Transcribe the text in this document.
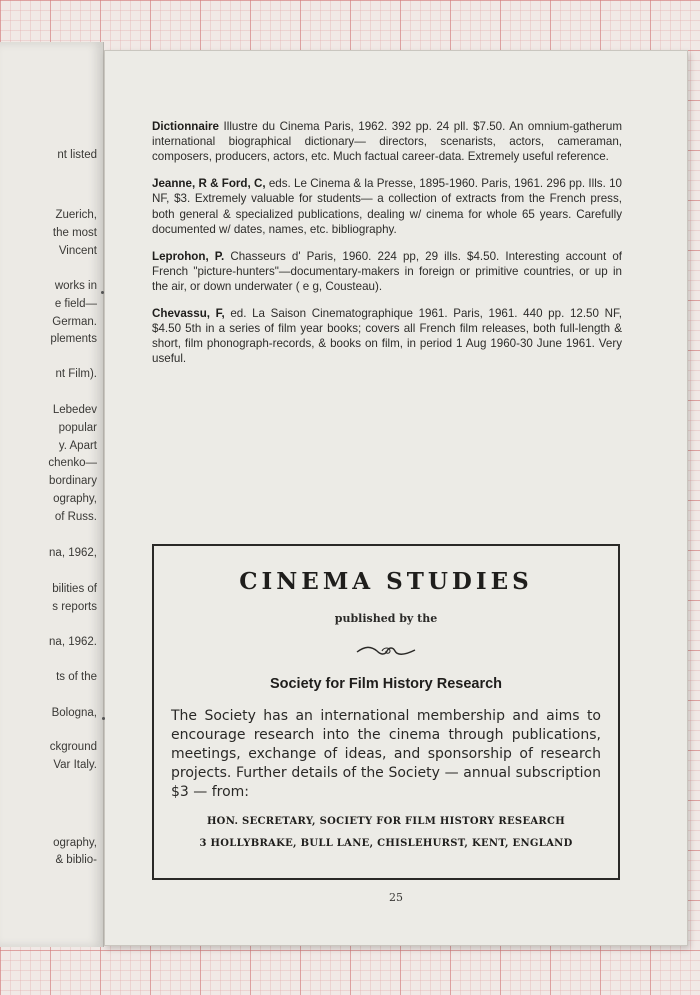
nt listed
Zuerich,
the most
Vincent
works in
e field—
German.
plements
nt Film).
Lebedev
popular
y. Apart
chenko—
bordinary
ography,
of Russ.
na, 1962,
bilities of
s reports
na, 1962.
ts of the
Bologna,
ckground
Var Italy.
ography,
& biblio-

Dictionnaire Illustre du Cinema Paris, 1962. 392 pp. 24 pll. $7.50. An omnium-gatherum international biographical dictionary— directors, scenarists, actors, cameraman, composers, producers, actors, etc. Much factual career-data. Extremely useful reference.

Jeanne, R & Ford, C, eds. Le Cinema & la Presse, 1895-1960. Paris, 1961. 296 pp. Ills. 10 NF, $3. Extremely valuable for students— a collection of extracts from the French press, both general & specialized publications, dealing w/ cinema for whole 65 years. Carefully documented w/ dates, names, etc. bibliography.

Leprohon, P. Chasseurs d' Paris, 1960. 224 pp, 29 ills. $4.50. Interesting account of French "picture-hunters"—documentary-makers in foreign or primitive countries, or up in the air, or down underwater ( e g, Cousteau).

Chevassu, F, ed. La Saison Cinematographique 1961. Paris, 1961. 440 pp. 12.50 NF, $4.50 5th in a series of film year books; covers all French film releases, both full-length & short, film phonograph-records, & books on film, in period 1 Aug 1960-30 June 1961. Very useful.

CINEMA STUDIES
published by the
Society for Film History Research
The Society has an international membership and aims to encourage research into the cinema through publications, meetings, exchange of ideas, and sponsorship of research projects. Further details of the Society — annual subscription $3 — from:
HON. SECRETARY, SOCIETY FOR FILM HISTORY RESEARCH
3 HOLLYBRAKE, BULL LANE, CHISLEHURST, KENT, ENGLAND
25
